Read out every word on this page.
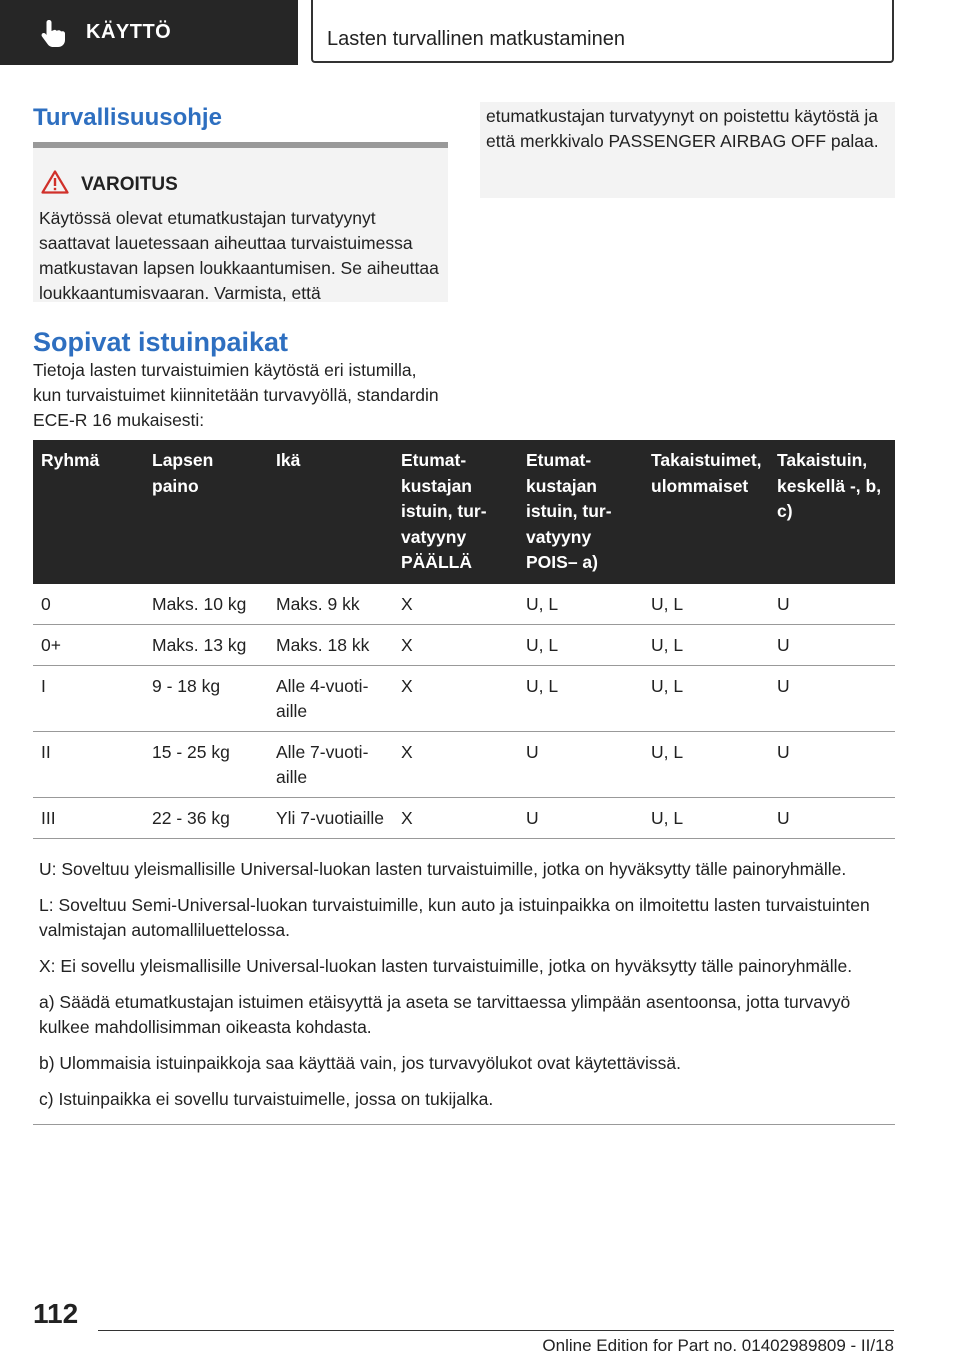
KÄYTTÖ	Lasten turvallinen matkustaminen
Turvallisuusohje
VAROITUS
Käytössä olevat etumatkustajan turvatyynyt saattavat lauetessaan aiheuttaa turvaistuimessa matkustavan lapsen loukkaantumisen. Se aiheuttaa loukkaantumisvaaran. Varmista, että
etumatkustajan turvatyynyt on poistettu käytöstä ja että merkkivalo PASSENGER AIRBAG OFF palaa.
Sopivat istuinpaikat
Tietoja lasten turvaistuimien käytöstä eri istumilla, kun turvaistuimet kiinnitetään turvavyöllä, standardin ECE-R 16 mukaisesti:
Ryhmä	Lapsen paino	Ikä	Etumatkustajan istuin, turvatyyny PÄÄLLÄ	Etumatkustajan istuin, turvatyyny POIS– a)	Takaistuimet, ulommaiset	Takaistuin, keskellä -, b, c)
0	Maks. 10 kg	Maks. 9 kk	X	U, L	U, L	U
0+	Maks. 13 kg	Maks. 18 kk	X	U, L	U, L	U
I	9 - 18 kg	Alle 4-vuotiaille	X	U, L	U, L	U
II	15 - 25 kg	Alle 7-vuotiaille	X	U	U, L	U
III	22 - 36 kg	Yli 7-vuotiaille	X	U	U, L	U

U: Soveltuu yleismallisille Universal-luokan lasten turvaistuimille, jotka on hyväksytty tälle painoryhmälle.

L: Soveltuu Semi-Universal-luokan turvaistuimille, kun auto ja istuinpaikka on ilmoitettu lasten turvaistuinten valmistajan automalliluettelossa.

X: Ei sovellu yleismallisille Universal-luokan lasten turvaistuimille, jotka on hyväksytty tälle painoryhmälle.

a) Säädä etumatkustajan istuimen etäisyyttä ja aseta se tarvittaessa ylimpään asentoonsa, jotta turvavyö kulkee mahdollisimman oikeasta kohdasta.

b) Ulommaisia istuinpaikkoja saa käyttää vain, jos turvavyölukot ovat käytettävissä.

c) Istuinpaikka ei sovellu turvaistuimelle, jossa on tukijalka.

112
Online Edition for Part no. 01402989809 - II/18
